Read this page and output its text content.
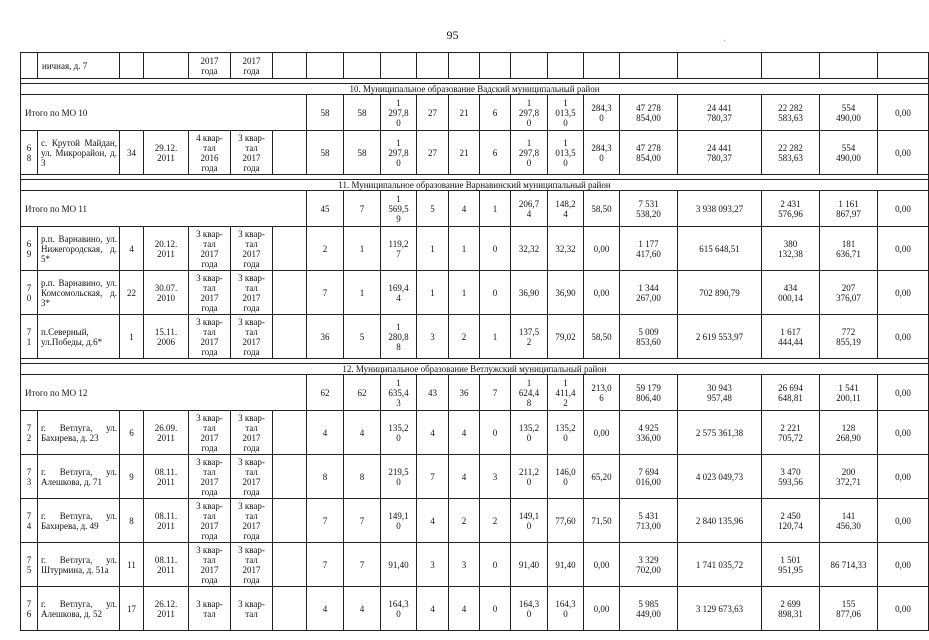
95	·
	ничная, д. 7			2017
года	2017
года															

10. Муниципальное образование Вадский муниципальный район																				
Итого по МО 10							58	58	1
297,8
0	27	21	6	1
297,8
0	1
013,5
0	284,3
0	47 278
854,00	24 441
780,37	22 282
583,63	554
490,00	0,00
6
8	с. Крутой Майдан, ул. Микрорайон, д. 3	34	29.12.
2011	4 квар-
тал
2016
года	3 квар-
тал
2017
года		58	58	1
297,8
0	27	21	6	1
297,8
0	1
013,5
0	284,3
0	47 278
854,00	24 441
780,37	22 282
583,63	554
490,00	0,00

11. Муниципальное образование Варнавинский муниципальный район																				
Итого по МО 11							45	7	1
569,5
9	5	4	1	206,7
4	148,2
4	58,50	7 531
538,20	3 938 093,27	2 431
576,96	1 161
867,97	0,00
6
9	р.п. Варнавино, ул. Нижегородская, д. 5*	4	20.12.
2011	3 квар-
тал
2017
года	3 квар-
тал
2017
года		2	1	119,2
7	1	1	0	32,32	32,32	0,00	1 177
417,60	615 648,51	380
132,38	181
636,71	0,00
7
0	р.п. Варнавино, ул. Комсомольская, д. 3*	22	30.07.
2010	3 квар-
тал
2017
года	3 квар-
тал
2017
года		7	1	169,4
4	1	1	0	36,90	36,90	0,00	1 344
267,00	702 890,79	434
000,14	207
376,07	0,00
7
1	п.Северный, ул.Победы, д.6*	1	15.11.
2006	3 квар-
тал
2017
года	3 квар-
тал
2017
года		36	5	1
280,8
8	3	2	1	137,5
2	79,02	58,50	5 009
853,60	2 619 553,97	1 617
444,44	772
855,19	0,00

12. Муниципальное образование Ветлужский муниципальный район																				
Итого по МО 12							62	62	1
635,4
3	43	36	7	1
624,4
8	1
411,4
2	213,0
6	59 179
806,40	30 943
957,48	26 694
648,81	1 541
200,11	0,00
7
2	г. Ветлуга, ул. Бахирева, д. 23	6	26.09.
2011	3 квар-
тал
2017
года	3 квар-
тал
2017
года		4	4	135,2
0	4	4	0	135,2
0	135,2
0	0,00	4 925
336,00	2 575 361,38	2 221
705,72	128
268,90	0,00
7
3	г. Ветлуга, ул. Алешкова, д. 71	9	08.11.
2011	3 квар-
тал
2017
года	3 квар-
тал
2017
года		8	8	219,5
0	7	4	3	211,2
0	146,0
0	65,20	7 694
016,00	4 023 049,73	3 470
593,56	200
372,71	0,00
7
4	г. Ветлуга, ул. Бахирева, д. 49	8	08.11.
2011	3 квар-
тал
2017
года	3 квар-
тал
2017
года		7	7	149,1
0	4	2	2	149,1
0	77,60	71,50	5 431
713,00	2 840 135,96	2 450
120,74	141
456,30	0,00
7
5	г. Ветлуга, ул. Штурмина, д. 51а	11	08.11.
2011	3 квар-
тал
2017
года	3 квар-
тал
2017
года		7	7	91,40	3	3	0	91,40	91,40	0,00	3 329
702,00	1 741 035,72	1 501
951,95	86 714,33	0,00
7
6	г. Ветлуга, ул. Алешкова, д. 52	17	26.12.
2011	3 квар-
тал	3 квар-
тал		4	4	164,3
0	4	4	0	164,3
0	164,3
0	0,00	5 985
449,00	3 129 673,63	2 699
898,31	155
877,06	0,00
